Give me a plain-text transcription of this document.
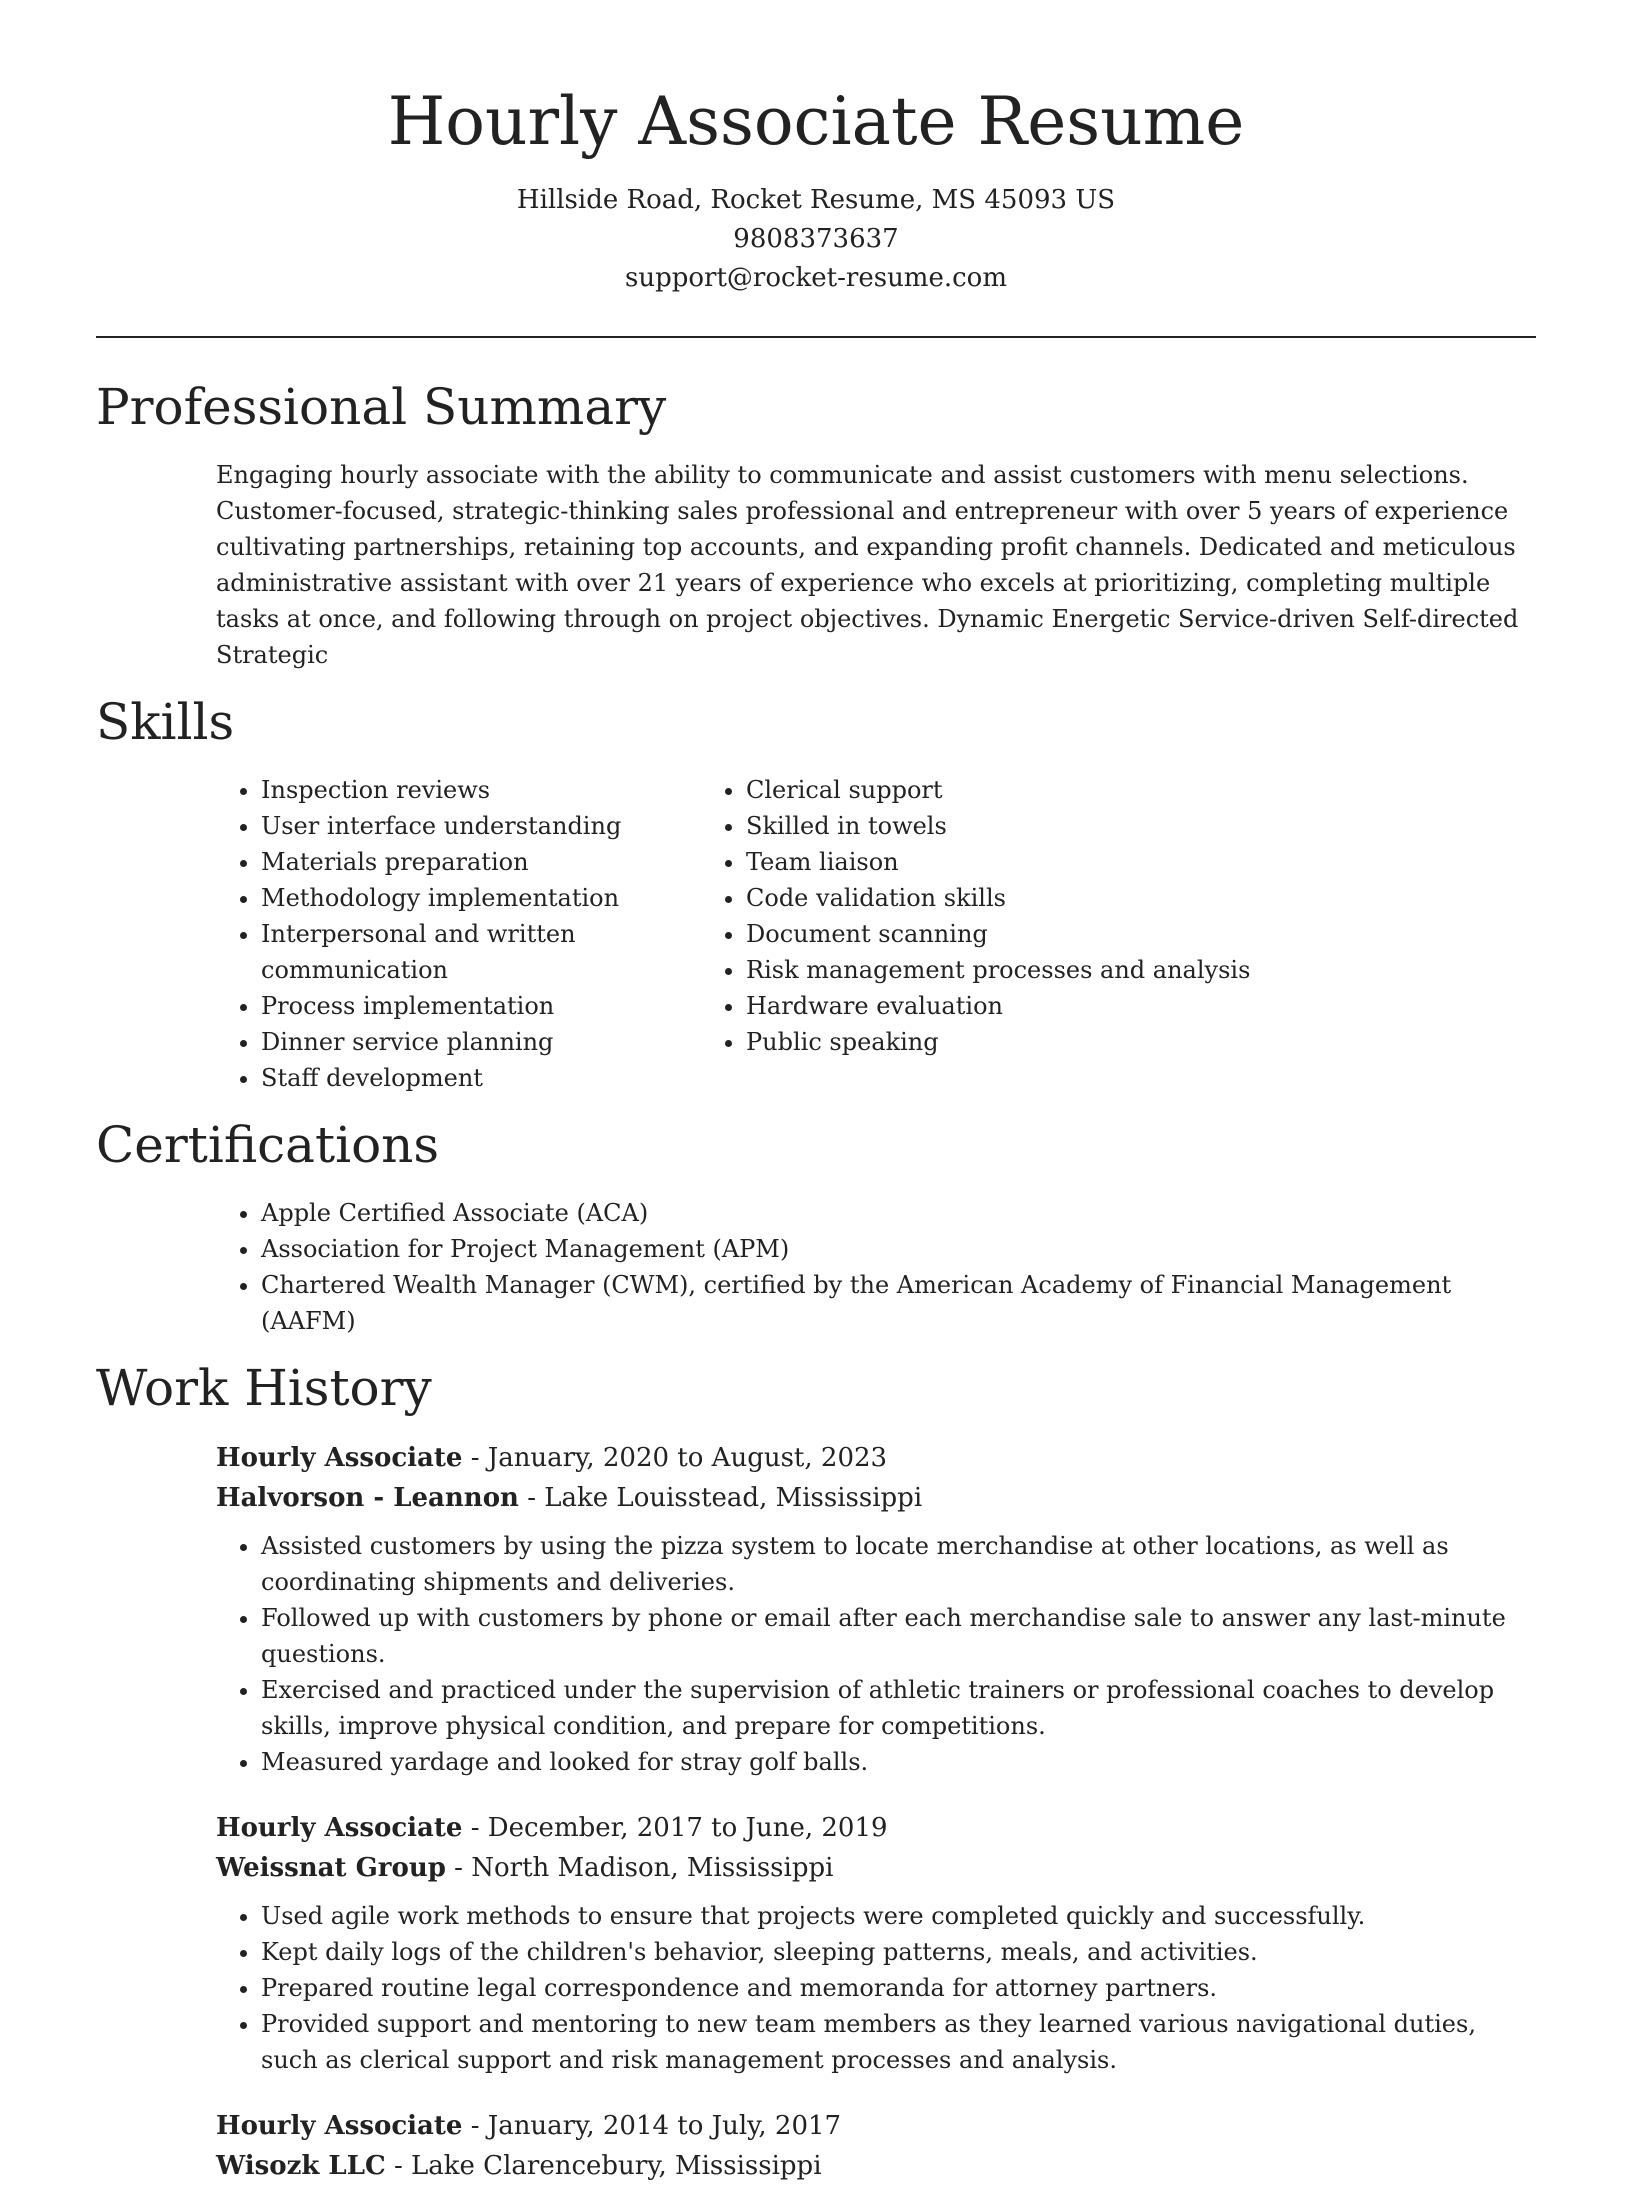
Hourly Associate Resume
Hillside Road, Rocket Resume, MS 45093 US
9808373637
support@rocket-resume.com
Professional Summary

Engaging hourly associate with the ability to communicate and assist customers with menu selections. Customer-focused, strategic-thinking sales professional and entrepreneur with over 5 years of experience cultivating partnerships, retaining top accounts, and expanding profit channels. Dedicated and meticulous administrative assistant with over 21 years of experience who excels at prioritizing, completing multiple tasks at once, and following through on project objectives. Dynamic Energetic Service-driven Self-directed Strategic

Skills
• Inspection reviews
• User interface understanding
• Materials preparation
• Methodology implementation
• Interpersonal and written communication
• Process implementation
• Dinner service planning
• Staff development
• Clerical support
• Skilled in towels
• Team liaison
• Code validation skills
• Document scanning
• Risk management processes and analysis
• Hardware evaluation
• Public speaking
Certifications
• Apple Certified Associate (ACA)
• Association for Project Management (APM)
• Chartered Wealth Manager (CWM), certified by the American Academy of Financial Management (AAFM)
Work History
Hourly Associate - January, 2020 to August, 2023
Halvorson - Leannon - Lake Louisstead, Mississippi
• Assisted customers by using the pizza system to locate merchandise at other locations, as well as coordinating shipments and deliveries.
• Followed up with customers by phone or email after each merchandise sale to answer any last-minute questions.
• Exercised and practiced under the supervision of athletic trainers or professional coaches to develop skills, improve physical condition, and prepare for competitions.
• Measured yardage and looked for stray golf balls.
Hourly Associate - December, 2017 to June, 2019
Weissnat Group - North Madison, Mississippi
• Used agile work methods to ensure that projects were completed quickly and successfully.
• Kept daily logs of the children's behavior, sleeping patterns, meals, and activities.
• Prepared routine legal correspondence and memoranda for attorney partners.
• Provided support and mentoring to new team members as they learned various navigational duties, such as clerical support and risk management processes and analysis.
Hourly Associate - January, 2014 to July, 2017
Wisozk LLC - Lake Clarencebury, Mississippi
